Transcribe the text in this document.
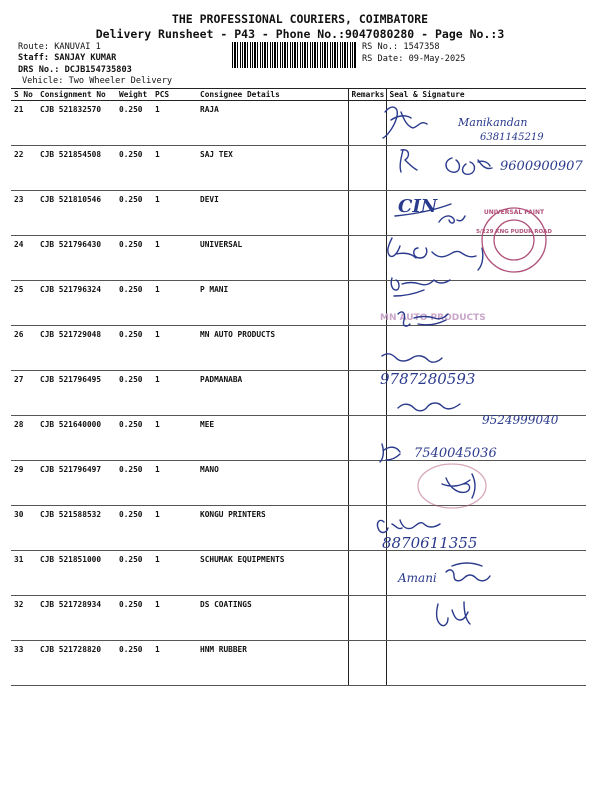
THE PROFESSIONAL COURIERS, COIMBATORE
Delivery Runsheet - P43 - Phone No.:9047080280 - Page No.:3
Route: KANUVAI 1
Staff: SANJAY KUMAR
DRS No.: DCJB154735803
Vehicle: Two Wheeler Delivery
RS No.: 1547358
RS Date: 09-May-2025
S No	Consignment No	Weight	PCS	Consignee Details	Remarks	Seal & Signature
21	CJB 521832570	0.250	1	RAJA		
22	CJB 521854508	0.250	1	SAJ TEX		
23	CJB 521810546	0.250	1	DEVI		
24	CJB 521796430	0.250	1	UNIVERSAL		
25	CJB 521796324	0.250	1	P MANI		
26	CJB 521729048	0.250	1	MN AUTO PRODUCTS		
27	CJB 521796495	0.250	1	PADMANABA		
28	CJB 521640000	0.250	1	MEE		
29	CJB 521796497	0.250	1	MANO		
30	CJB 521588532	0.250	1	KONGU PRINTERS		
31	CJB 521851000	0.250	1	SCHUMAK EQUIPMENTS		
32	CJB 521728934	0.250	1	DS COATINGS		
33	CJB 521728820	0.250	1	HNM RUBBER		
Manikandan
6381145219
9600900907
CIN
5/229 KNG PUDUR ROAD
UNIVERSAL PAINT
MN AUTO PRODUCTS
9787280593
9524999040
7540045036
8870611355
Amani
